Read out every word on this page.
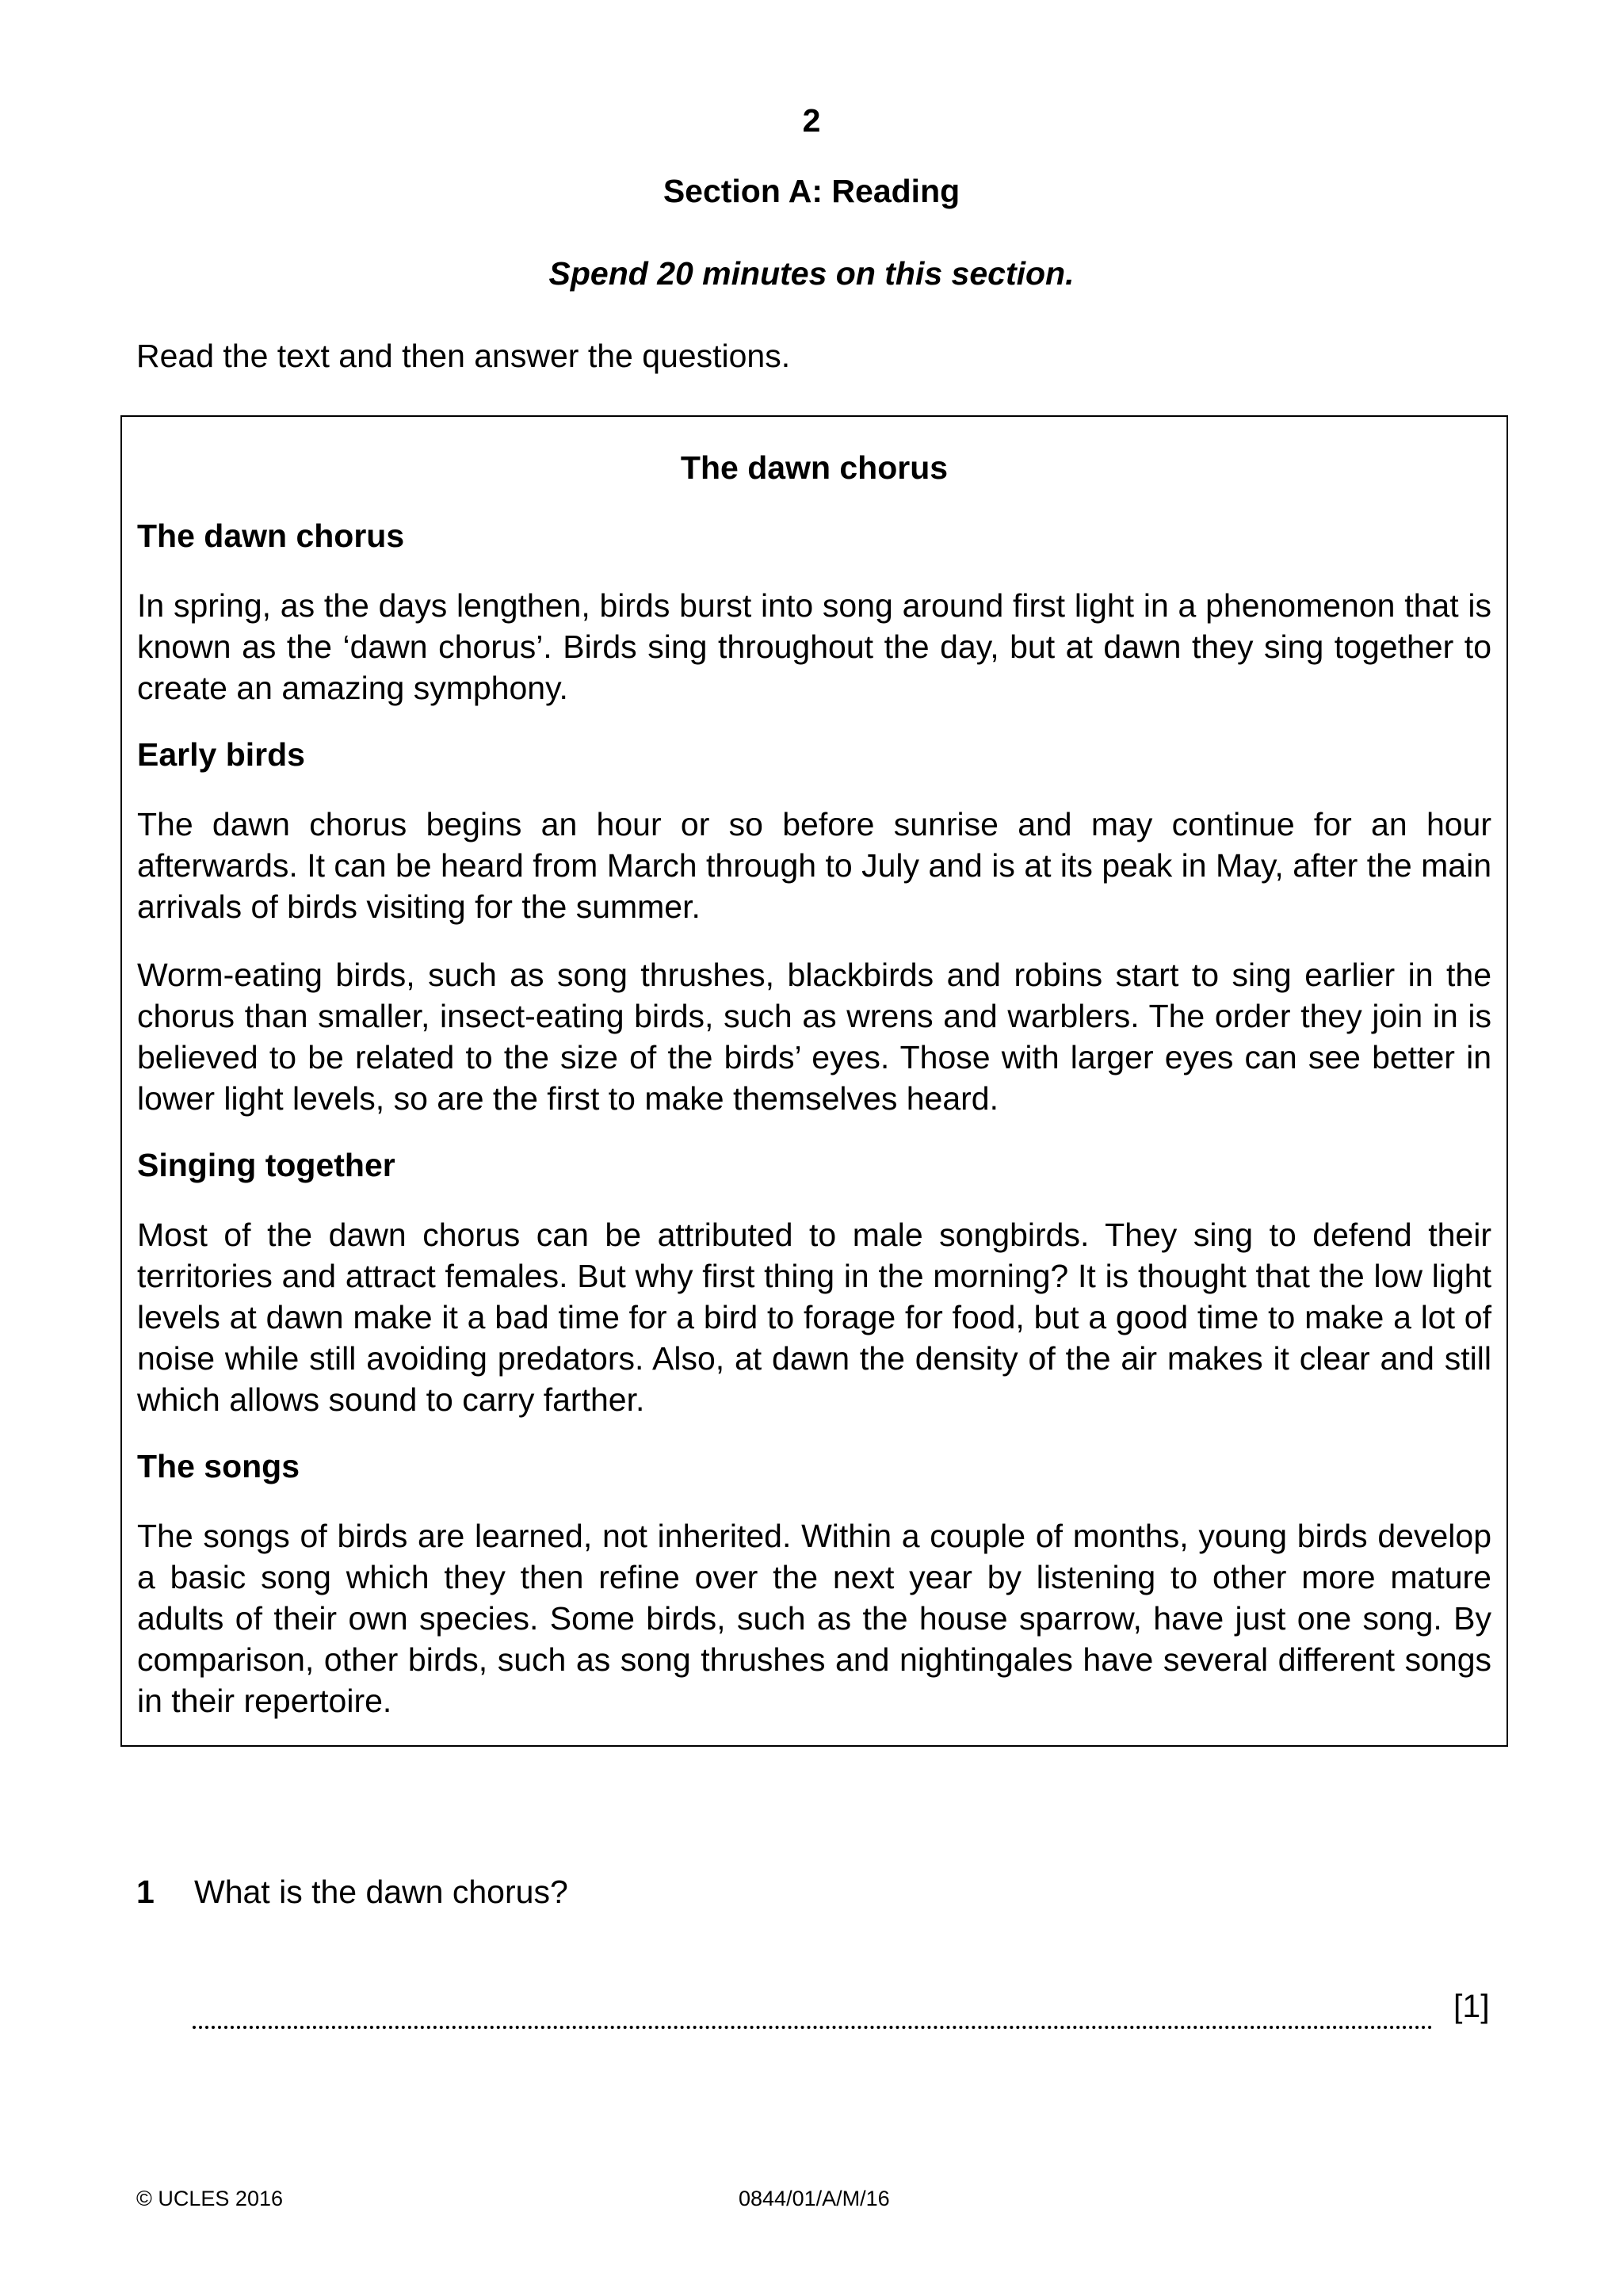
2
Section A: Reading
Spend 20 minutes on this section.
Read the text and then answer the questions.
The dawn chorus
The dawn chorus

In spring, as the days lengthen, birds burst into song around first light in a phenomenon that is known as the ‘dawn chorus’. Birds sing throughout the day, but at dawn they sing together to create an amazing symphony.

Early birds

The dawn chorus begins an hour or so before sunrise and may continue for an hour afterwards. It can be heard from March through to July and is at its peak in May, after the main arrivals of birds visiting for the summer.

Worm-eating birds, such as song thrushes, blackbirds and robins start to sing earlier in the chorus than smaller, insect-eating birds, such as wrens and warblers. The order they join in is believed to be related to the size of the birds’ eyes. Those with larger eyes can see better in lower light levels, so are the first to make themselves heard.

Singing together

Most of the dawn chorus can be attributed to male songbirds. They sing to defend their territories and attract females. But why first thing in the morning? It is thought that the low light levels at dawn make it a bad time for a bird to forage for food, but a good time to make a lot of noise while still avoiding predators. Also, at dawn the density of the air makes it clear and still which allows sound to carry farther.

The songs

The songs of birds are learned, not inherited. Within a couple of months, young birds develop a basic song which they then refine over the next year by listening to other more mature adults of their own species. Some birds, such as the house sparrow, have just one song. By comparison, other birds, such as song thrushes and nightingales have several different songs in their repertoire.

1 What is the dawn chorus?
[1]
© UCLES 2016	0844/01/A/M/16
